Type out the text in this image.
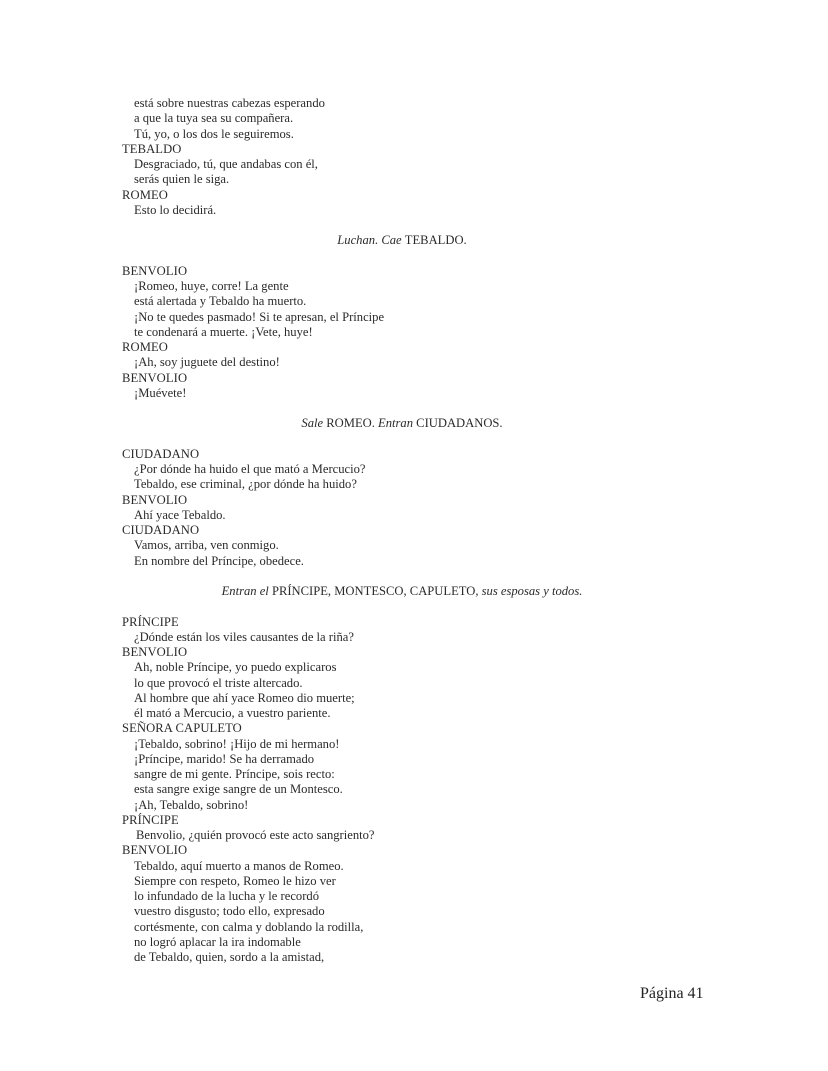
está sobre nuestras cabezas esperando
a que la tuya sea su compañera.
Tú, yo, o los dos le seguiremos.
TEBALDO
Desgraciado, tú, que andabas con él,
serás quien le siga.
ROMEO
Esto lo decidirá.
Luchan. Cae TEBALDO.
BENVOLIO
¡Romeo, huye, corre! La gente
está alertada y Tebaldo ha muerto.
¡No te quedes pasmado! Si te apresan, el Príncipe
te condenará a muerte. ¡Vete, huye!
ROMEO
¡Ah, soy juguete del destino!
BENVOLIO
¡Muévete!
Sale ROMEO. Entran CIUDADANOS.
CIUDADANO
¿Por dónde ha huido el que mató a Mercucio?
Tebaldo, ese criminal, ¿por dónde ha huido?
BENVOLIO
Ahí yace Tebaldo.
CIUDADANO
Vamos, arriba, ven conmigo.
En nombre del Príncipe, obedece.
Entran el PRÍNCIPE, MONTESCO, CAPULETO, sus esposas y todos.
PRÍNCIPE
¿Dónde están los viles causantes de la riña?
BENVOLIO
Ah, noble Príncipe, yo puedo explicaros
lo que provocó el triste altercado.
Al hombre que ahí yace Romeo dio muerte;
él mató a Mercucio, a vuestro pariente.
SEÑORA CAPULETO
¡Tebaldo, sobrino! ¡Hijo de mi hermano!
¡Príncipe, marido! Se ha derramado
sangre de mi gente. Príncipe, sois recto:
esta sangre exige sangre de un Montesco.
¡Ah, Tebaldo, sobrino!
PRÍNCIPE
Benvolio, ¿quién provocó este acto sangriento?
BENVOLIO
Tebaldo, aquí muerto a manos de Romeo.
Siempre con respeto, Romeo le hizo ver
lo infundado de la lucha y le recordó
vuestro disgusto; todo ello, expresado
cortésmente, con calma y doblando la rodilla,
no logró aplacar la ira indomable
de Tebaldo, quien, sordo a la amistad,
Página 41
